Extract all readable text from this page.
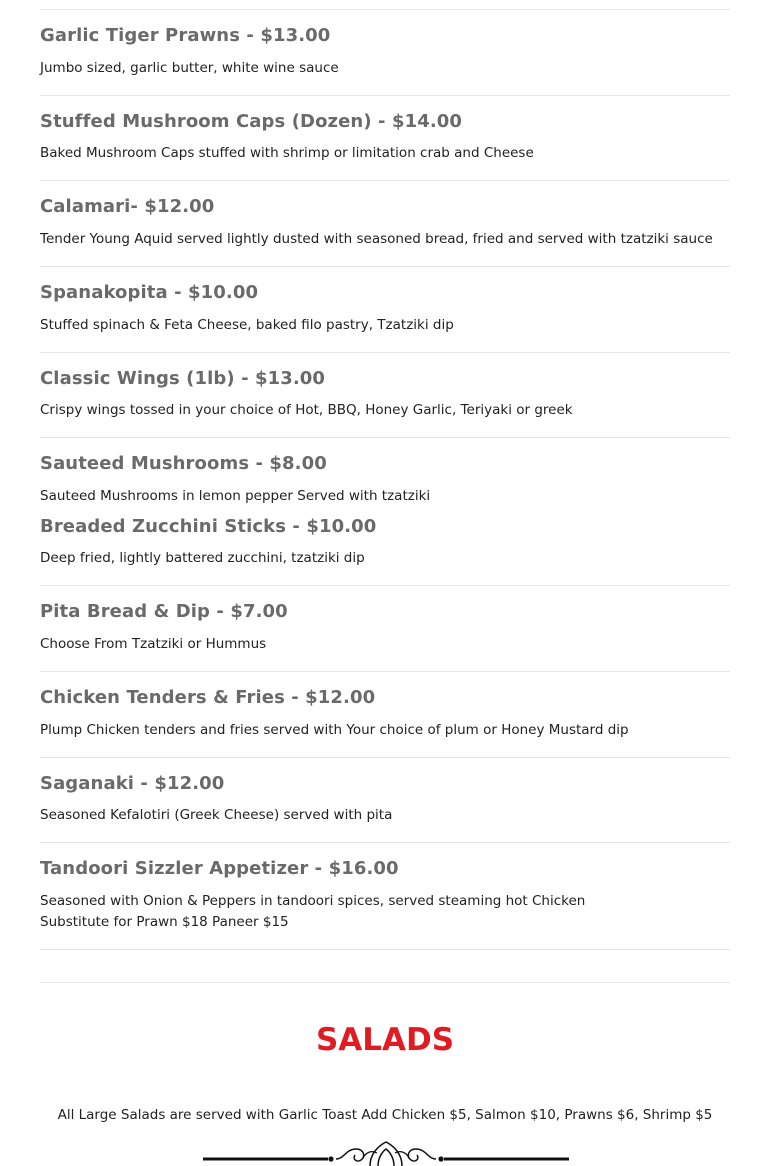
Garlic Tiger Prawns - $13.00

Jumbo sized, garlic butter, white wine sauce

Stuffed Mushroom Caps (Dozen) - $14.00

Baked Mushroom Caps stuffed with shrimp or limitation crab and Cheese

Calamari- $12.00

Tender Young Aquid served lightly dusted with seasoned bread, fried and served with tzatziki sauce

Spanakopita - $10.00

Stuffed spinach & Feta Cheese, baked filo pastry, Tzatziki dip

Classic Wings (1lb) - $13.00

Crispy wings tossed in your choice of Hot, BBQ, Honey Garlic, Teriyaki or greek

Sauteed Mushrooms - $8.00

Sauteed Mushrooms in lemon pepper Served with tzatziki

Breaded Zucchini Sticks - $10.00

Deep fried, lightly battered zucchini, tzatziki dip

Pita Bread & Dip - $7.00

Choose From Tzatziki or Hummus

Chicken Tenders & Fries - $12.00

Plump Chicken tenders and fries served with Your choice of plum or Honey Mustard dip

Saganaki - $12.00

Seasoned Kefalotiri (Greek Cheese) served with pita

Tandoori Sizzler Appetizer - $16.00

Seasoned with Onion & Peppers in tandoori spices, served steaming hot Chicken

Substitute for Prawn $18 Paneer $15

SALADS

All Large Salads are served with Garlic Toast Add Chicken $5, Salmon $10, Prawns $6, Shrimp $5
